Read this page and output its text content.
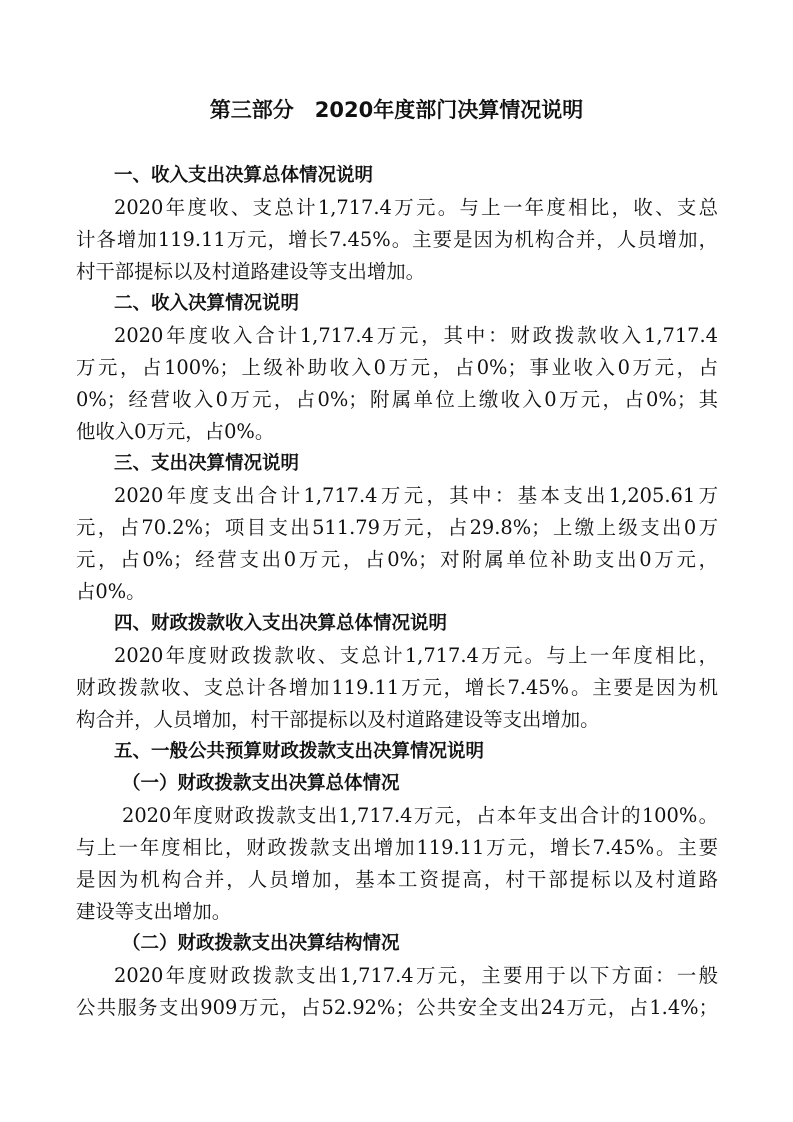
第三部分　2020年度部门决算情况说明
一、收入支出决算总体情况说明
2020年度收、支总计1,717.4万元。与上一年度相比，收、支总
计各增加119.11万元，增长7.45%。主要是因为机构合并，人员增加，
村干部提标以及村道路建设等支出增加。
二、收入决算情况说明
2020年度收入合计1,717.4万元，其中：财政拨款收入1,717.4
万元，占100%；上级补助收入0万元，占0%；事业收入0万元，占
0%；经营收入0万元，占0%；附属单位上缴收入0万元，占0%；其
他收入0万元，占0%。
三、支出决算情况说明
2020年度支出合计1,717.4万元，其中：基本支出1,205.61万
元，占70.2%；项目支出511.79万元，占29.8%；上缴上级支出0万
元，占0%；经营支出0万元，占0%；对附属单位补助支出0万元，
占0%。
四、财政拨款收入支出决算总体情况说明
2020年度财政拨款收、支总计1,717.4万元。与上一年度相比，
财政拨款收、支总计各增加119.11万元，增长7.45%。主要是因为机
构合并，人员增加，村干部提标以及村道路建设等支出增加。
五、一般公共预算财政拨款支出决算情况说明
（一）财政拨款支出决算总体情况
2020年度财政拨款支出1,717.4万元，占本年支出合计的100%。
与上一年度相比，财政拨款支出增加119.11万元，增长7.45%。主要
是因为机构合并，人员增加，基本工资提高，村干部提标以及村道路
建设等支出增加。
（二）财政拨款支出决算结构情况
2020年度财政拨款支出1,717.4万元，主要用于以下方面：一般
公共服务支出909万元，占52.92%；公共安全支出24万元，占1.4%；
